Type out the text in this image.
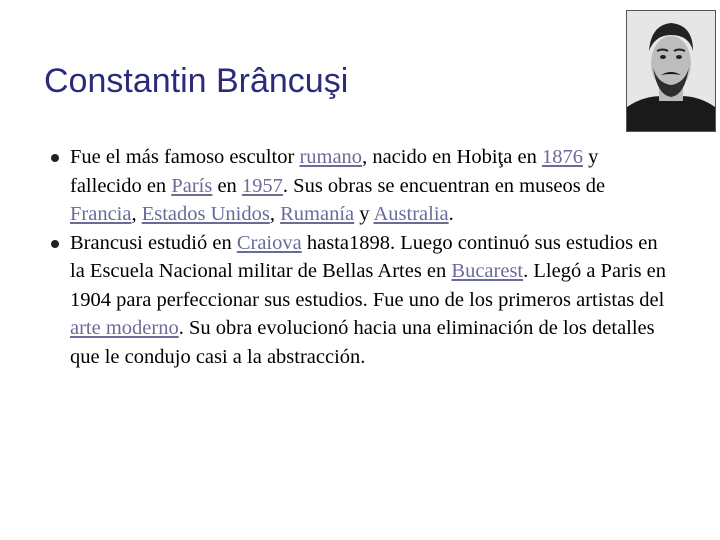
Constantin Brâncuşi
Fue el más famoso escultor rumano, nacido en Hobiţa en 1876 y fallecido en París en 1957. Sus obras se encuentran en museos de Francia, Estados Unidos, Rumanía y Australia.
Brancusi estudió en Craiova hasta1898. Luego continuó sus estudios en la Escuela Nacional militar de Bellas Artes en Bucarest. Llegó a Paris en 1904 para perfeccionar sus estudios. Fue uno de los primeros artistas del arte moderno. Su obra evolucionó hacia una eliminación de los detalles que le condujo casi a la abstracción.
